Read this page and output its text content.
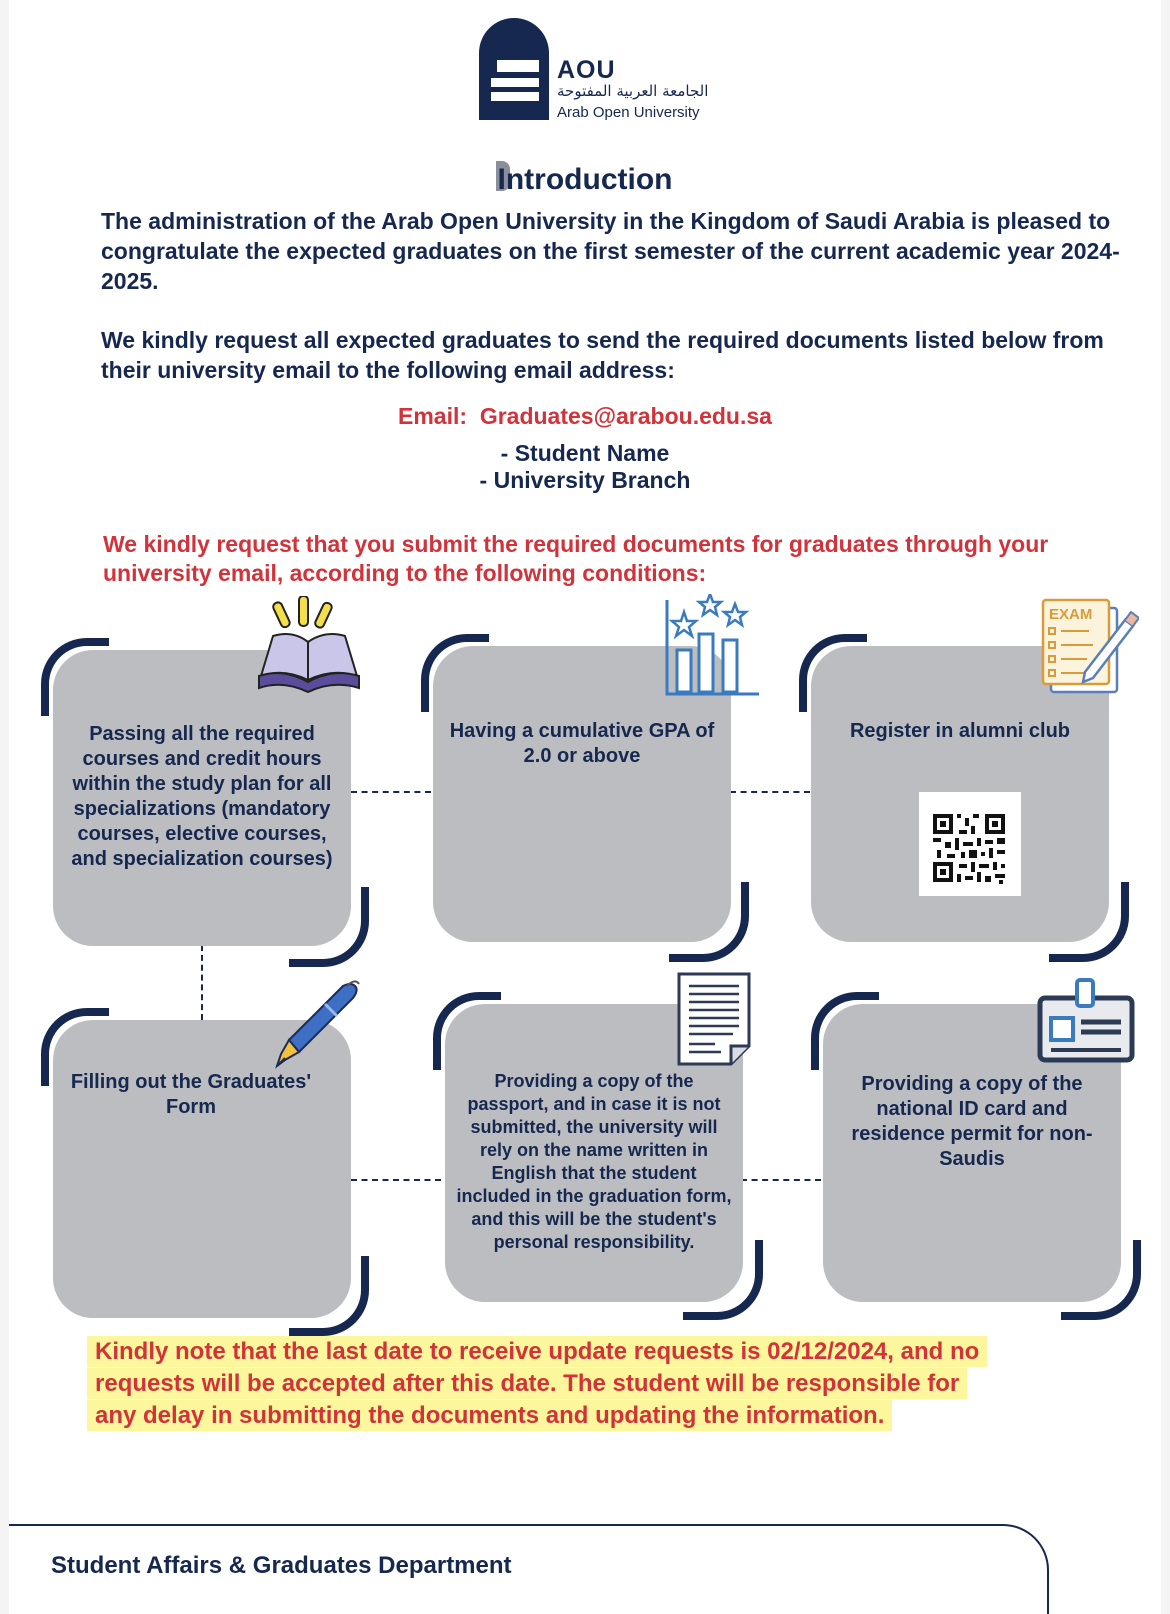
AOU
الجامعة العربية المفتوحة
Arab Open University
Introduction
The administration of the Arab Open University in the Kingdom of Saudi Arabia is pleased to congratulate the expected graduates on the first semester of the current academic year 2024-2025.
We kindly request all expected graduates to send the required documents listed below from their university email to the following email address:
Email: Graduates@arabou.edu.sa
- Student Name
- University Branch
We kindly request that you submit the required documents for graduates through your university email, according to the following conditions:
Passing all the required courses and credit hours within the study plan for all specializations (mandatory courses, elective courses, and specialization courses)
Having a cumulative GPA of 2.0 or above
Register in alumni club
EXAM
Filling out the Graduates' Form
Providing a copy of the passport, and in case it is not submitted, the university will rely on the name written in English that the student included in the graduation form, and this will be the student's personal responsibility.
Providing a copy of the national ID card and residence permit for non-Saudis
Kindly note that the last date to receive update requests is 02/12/2024, and no
requests will be accepted after this date. The student will be responsible for
any delay in submitting the documents and updating the information.
Student Affairs & Graduates Department
